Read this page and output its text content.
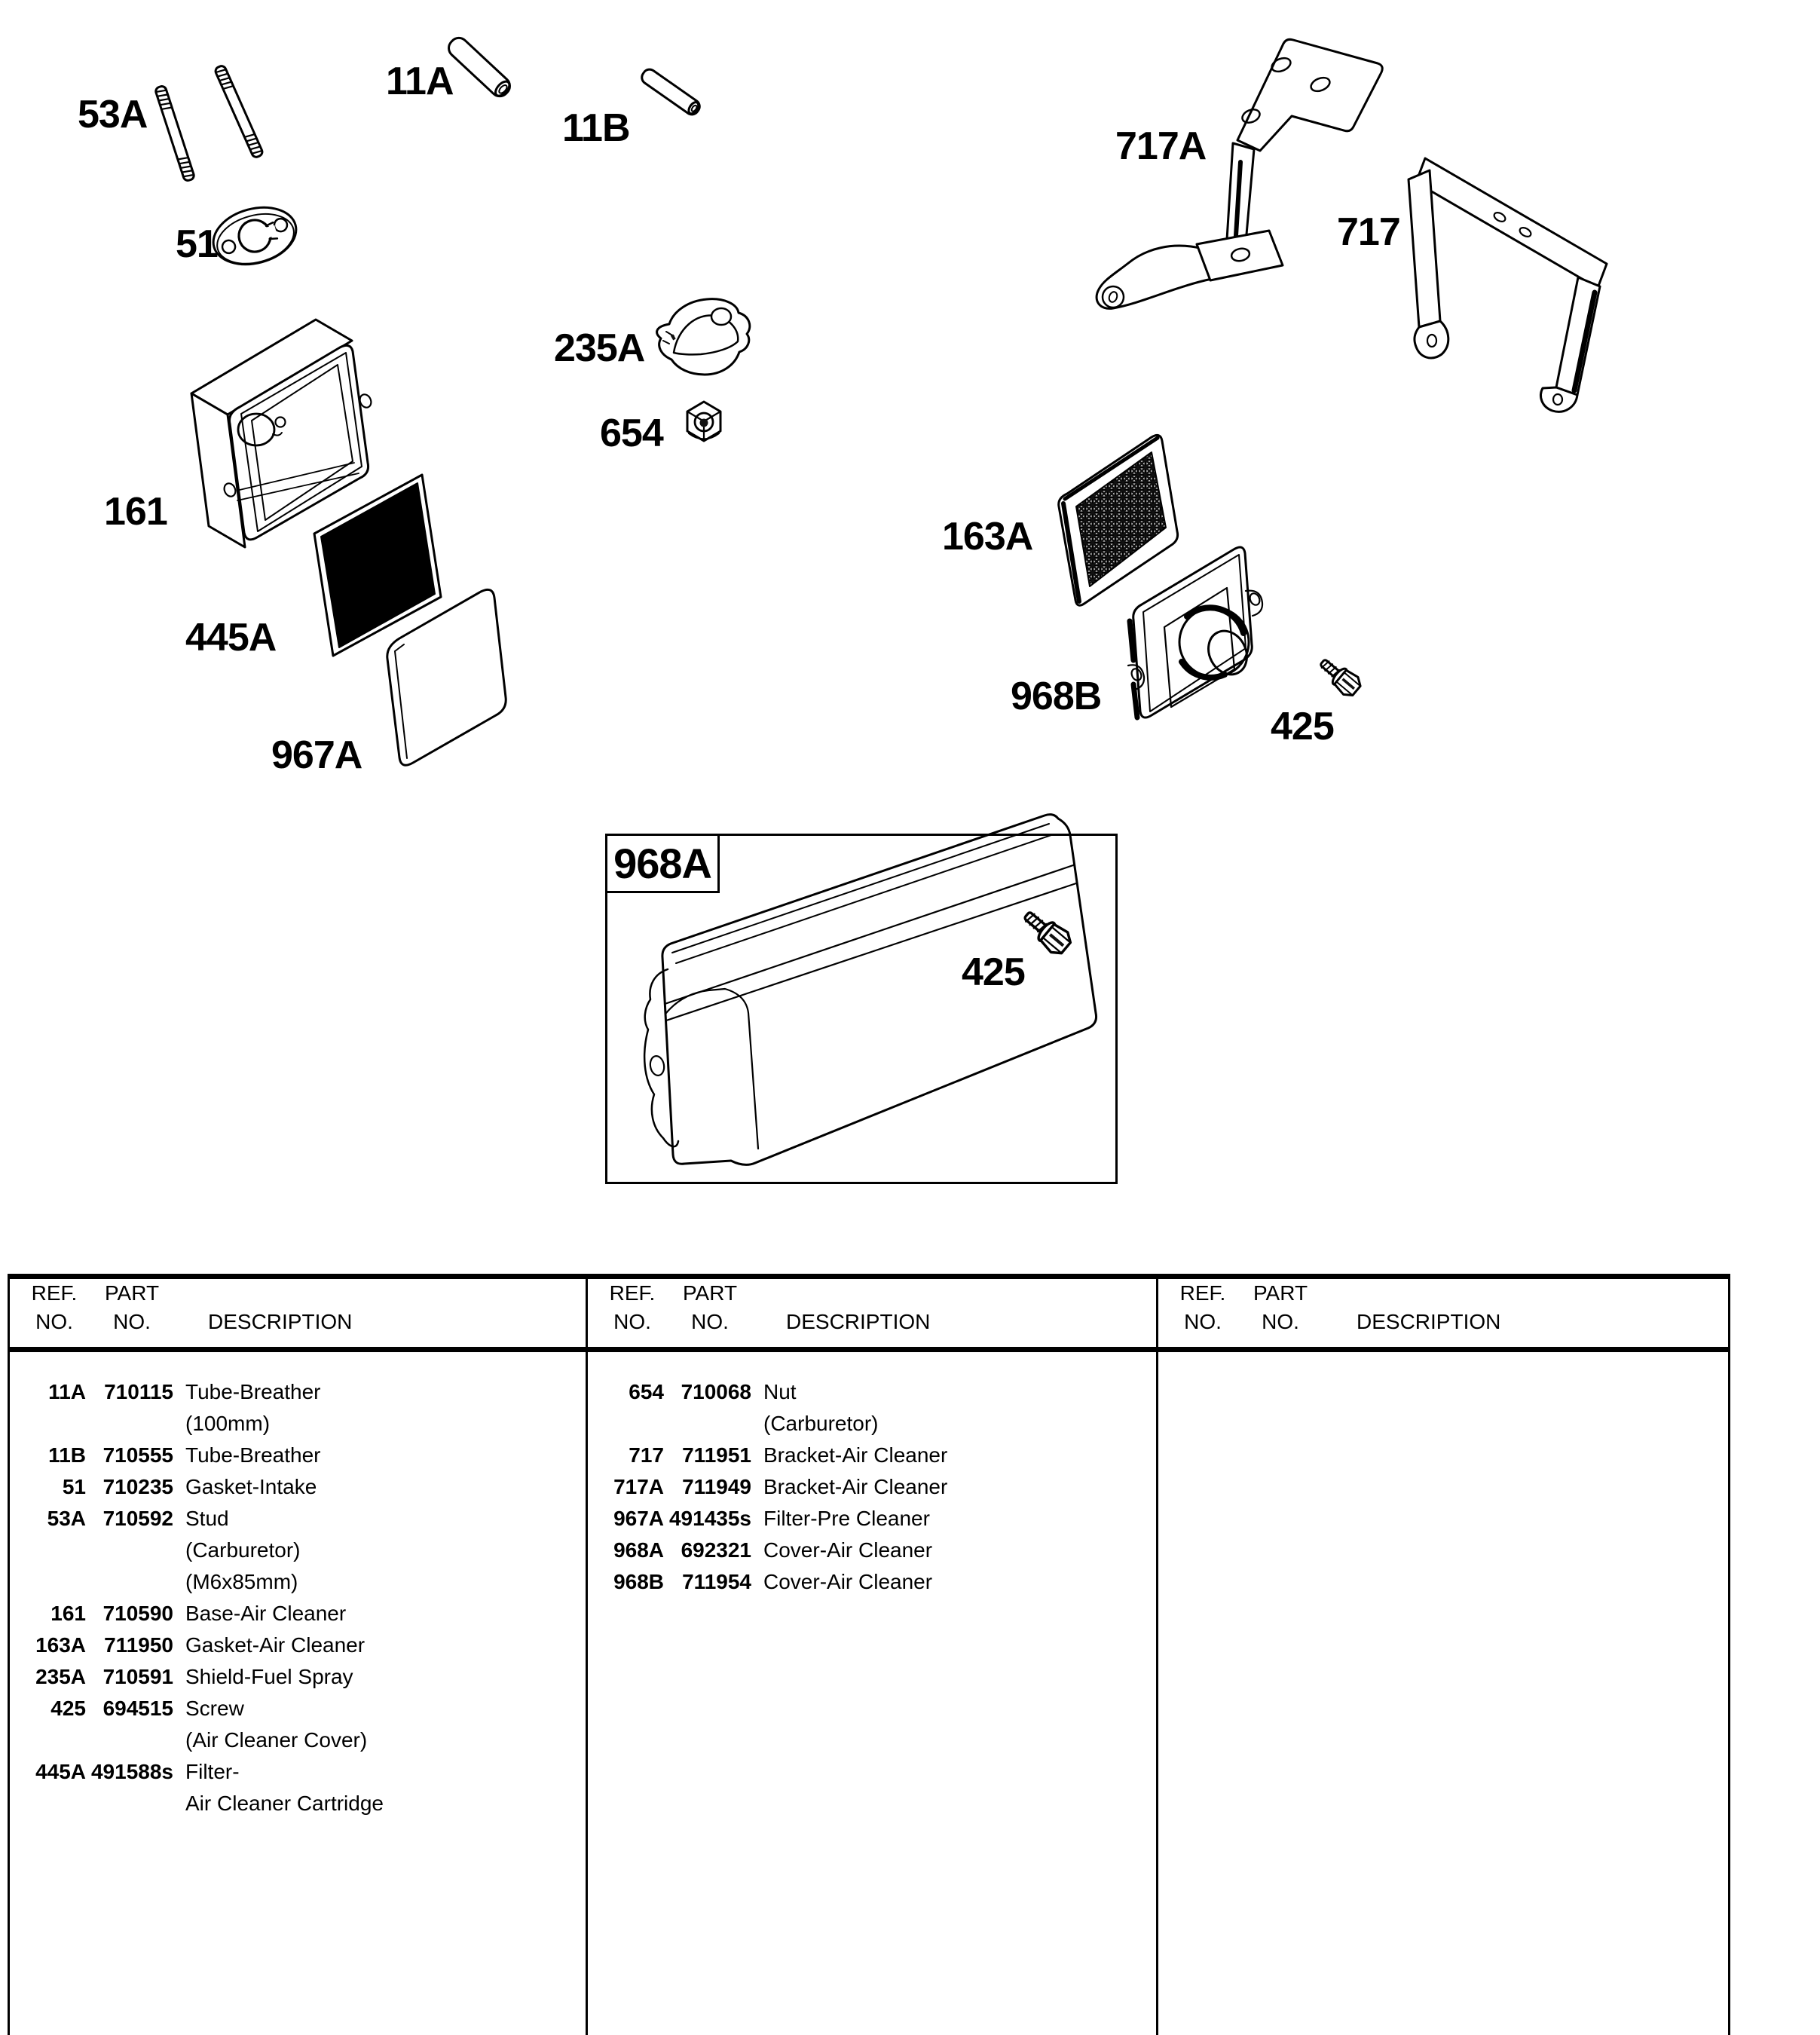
968A
53A
11A
11B
51
717A
717
161
235A
654
163A
445A
967A
968B
425
425
REF.	PART
NO.	NO.	DESCRIPTION
11A 710115 Tube-Breather
(100mm)
11B 710555 Tube-Breather
51 710235 Gasket-Intake
53A 710592 Stud
(Carburetor)
(M6x85mm)
161 710590 Base-Air Cleaner
163A 711950 Gasket-Air Cleaner
235A 710591 Shield-Fuel Spray
425 694515 Screw
(Air Cleaner Cover)
445A 491588s Filter-
Air Cleaner Cartridge
REF.	PART
NO.	NO.	DESCRIPTION
654 710068 Nut
(Carburetor)
717 711951 Bracket-Air Cleaner
717A 711949 Bracket-Air Cleaner
967A 491435s Filter-Pre Cleaner
968A 692321 Cover-Air Cleaner
968B 711954 Cover-Air Cleaner
REF.	PART
NO.	NO.	DESCRIPTION
